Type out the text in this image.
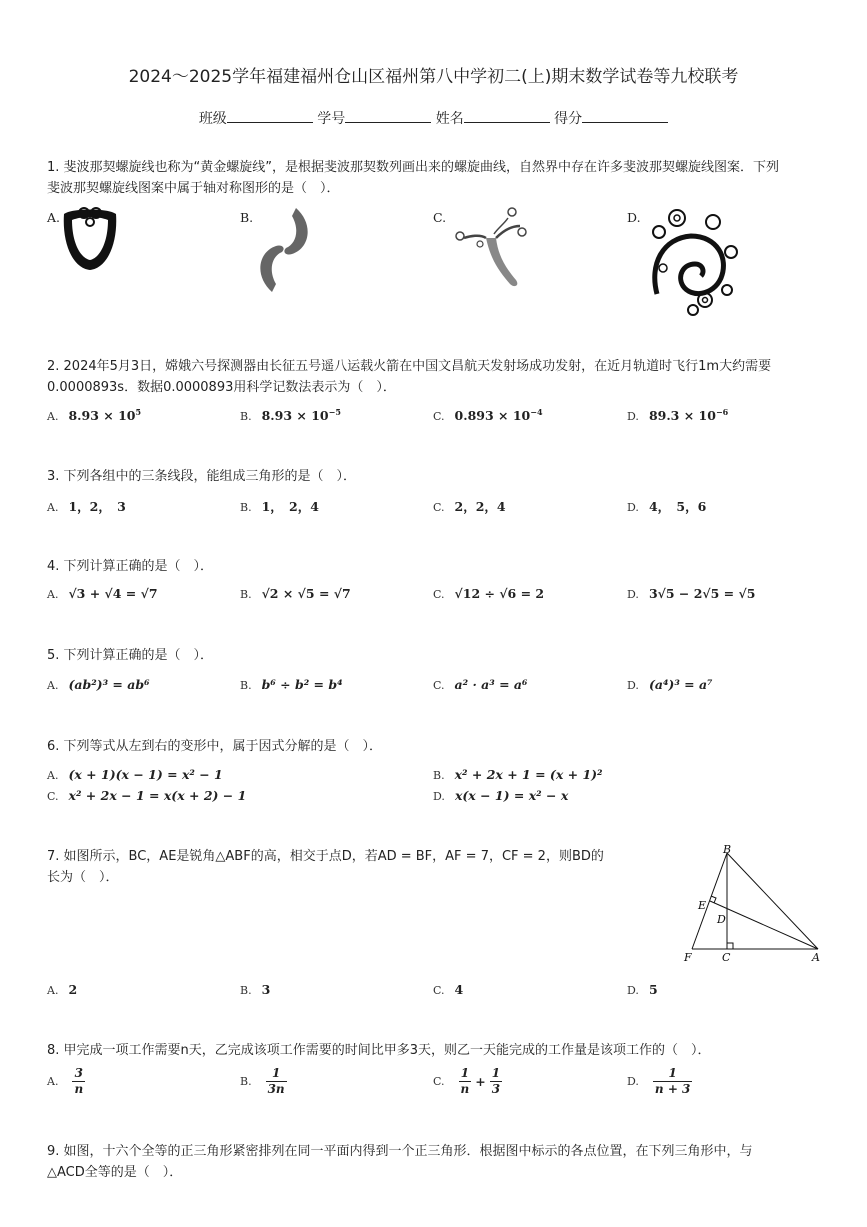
2024～2025学年福建福州仓山区福州第八中学初二(上)期末数学试卷等九校联考
班级	学号	姓名	得分
1. 斐波那契螺旋线也称为“黄金螺旋线”，是根据斐波那契数列画出来的螺旋曲线，自然界中存在许多斐波那契螺旋线图案．下列
斐波那契螺旋线图案中属于轴对称图形的是（　）．
A.	B.	C.	D.
2. 2024年5月3日，嫦娥六号探测器由长征五号遥八运载火箭在中国文昌航天发射场成功发射，在近月轨道时飞行1m大约需要
0.0000893s．数据0.0000893用科学记数法表示为（　）．
A. $8.93 \times 10^5$	B. $8.93 \times 10^{-5}$	C. $0.893 \times 10^{-4}$	D. $89.3 \times 10^{-6}$
3. 下列各组中的三条线段，能组成三角形的是（　）．
A. 1，2，　3	B. 1，　2，4	C. 2，2，4	D. 4，　5，6
4. 下列计算正确的是（　）．
A. √3 + √4 = √7	B. √2 × √5 = √7	C. √12 ÷ √6 = 2	D. 3√5 − 2√5 = √5
5. 下列计算正确的是（　）．
A. (ab²)³ = ab⁶	B. b⁶ ÷ b² = b⁴	C. a² · a³ = a⁶	D. (a⁴)³ = a⁷
6. 下列等式从左到右的变形中，属于因式分解的是（　）．
A. (x + 1)(x − 1) = x² − 1	B. x² + 2x + 1 = (x + 1)²
C. x² + 2x − 1 = x(x + 2) − 1	D. x(x − 1) = x² − x
7. 如图所示，BC，AE是锐角△ABF的高，相交于点D，若AD = BF，AF = 7，CF = 2，则BD的
长为（　）．
B
E
D
F	C	A
A. 2	B. 3	C. 4	D. 5
8. 甲完成一项工作需要n天，乙完成该项工作需要的时间比甲多3天，则乙一天能完成的工作量是该项工作的（　）．
A. $\frac{3}{n}$	B. $\frac{1}{3n}$	C. $\frac{1}{n} + \frac{1}{3}$	D. $\frac{1}{n + 3}$
9. 如图，十六个全等的正三角形紧密排列在同一平面内得到一个正三角形．根据图中标示的各点位置，在下列三角形中，与
△ACD全等的是（　）．
